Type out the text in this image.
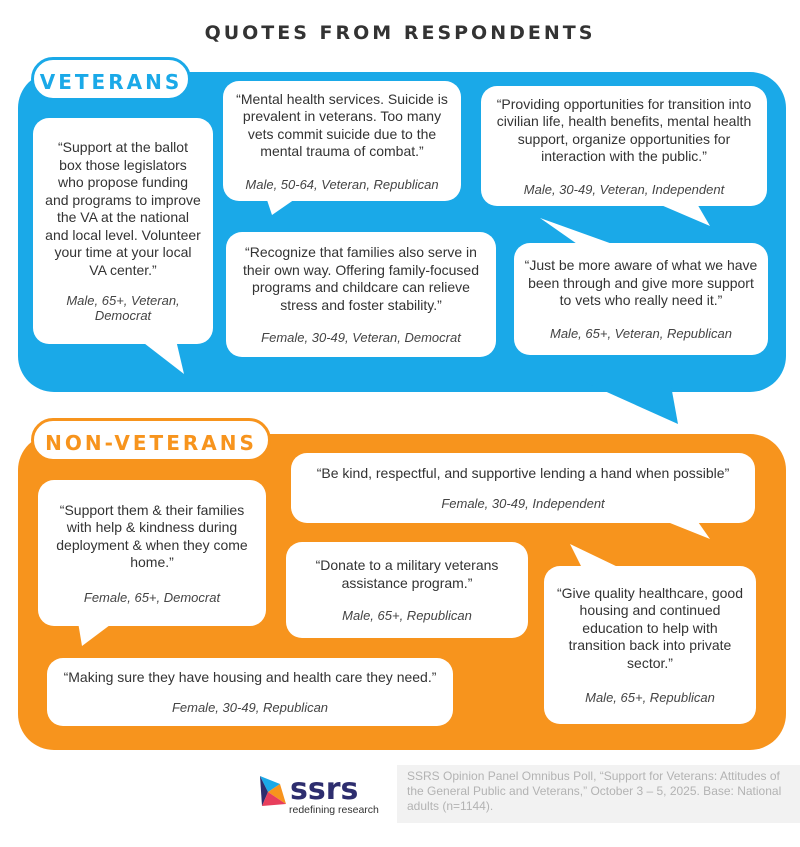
QUOTES FROM RESPONDENTS
VETERANS
“Support at the ballot box those legislators who propose funding and programs to improve the VA at the national and local level. Volunteer your time at your local VA center.”
Male, 65+, Veteran, Democrat
“Mental health services. Suicide is prevalent in veterans. Too many vets commit suicide due to the mental trauma of combat.”
Male, 50-64, Veteran, Republican
“Providing opportunities for transition into civilian life, health benefits, mental health support, organize opportunities for interaction with the public.”
Male, 30-49, Veteran, Independent
“Recognize that families also serve in their own way. Offering family-focused programs and childcare can relieve stress and foster stability.”
Female, 30-49, Veteran, Democrat
“Just be more aware of what we have been through and give more support to vets who really need it.”
Male, 65+, Veteran, Republican
NON-VETERANS
“Be kind, respectful, and supportive lending a hand when possible”
Female, 30-49, Independent
“Support them & their families with help & kindness during deployment & when they come home.”
Female, 65+, Democrat
“Donate to a military veterans assistance program.”
Male, 65+, Republican
“Give quality healthcare, good housing and continued education to help with transition back into private sector.”
Male, 65+, Republican
“Making sure they have housing and health care they need.”
Female, 30-49, Republican
ssrs
redefining research
SSRS Opinion Panel Omnibus Poll, “Support for Veterans: Attitudes of the General Public and Veterans,” October 3 – 5, 2025. Base: National adults (n=1144).
